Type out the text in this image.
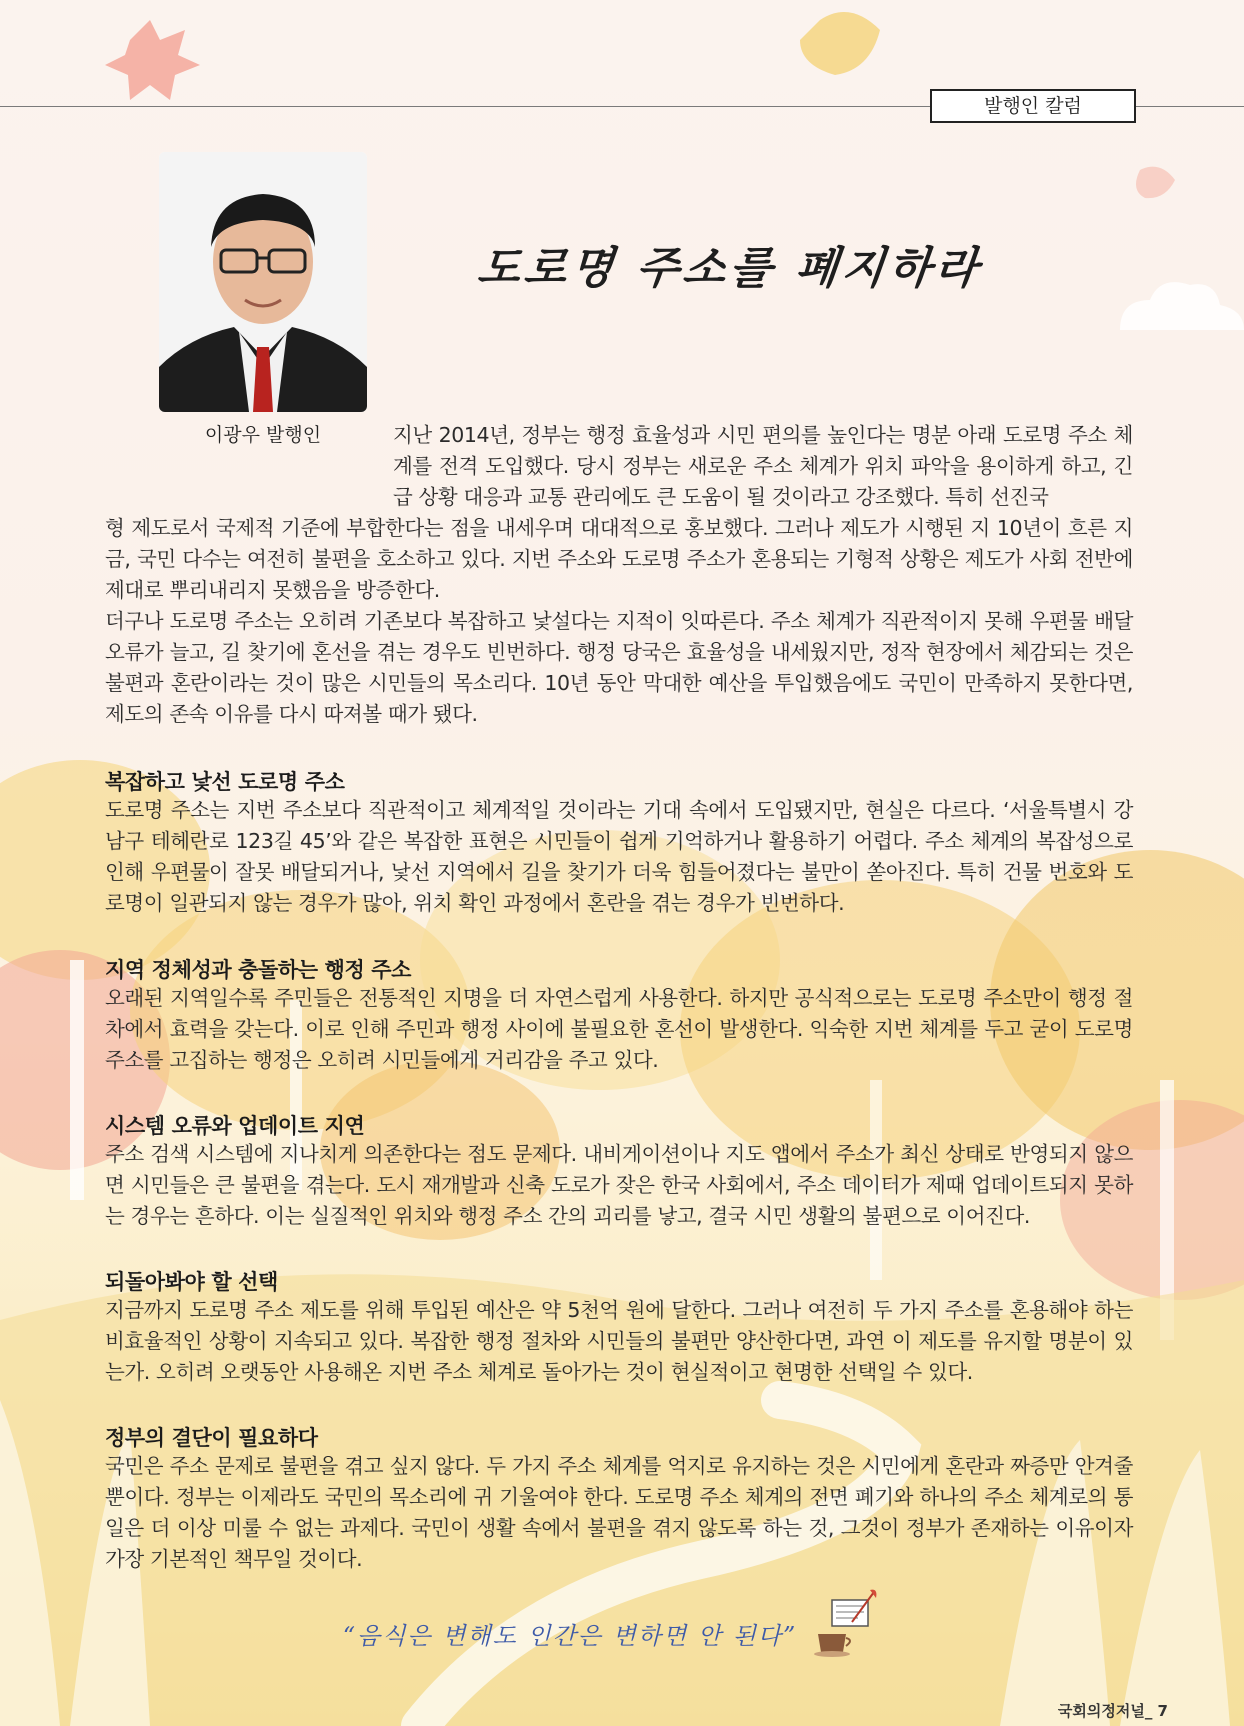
발행인 칼럼
이광우 발행인
도로명 주소를 폐지하라

지난 2014년, 정부는 행정 효율성과 시민 편의를 높인다는 명분 아래 도로명 주소 체계를 전격 도입했다. 당시 정부는 새로운 주소 체계가 위치 파악을 용이하게 하고, 긴급 상황 대응과 교통 관리에도 큰 도움이 될 것이라고 강조했다. 특히 선진국

형 제도로서 국제적 기준에 부합한다는 점을 내세우며 대대적으로 홍보했다. 그러나 제도가 시행된 지 10년이 흐른 지금, 국민 다수는 여전히 불편을 호소하고 있다. 지번 주소와 도로명 주소가 혼용되는 기형적 상황은 제도가 사회 전반에 제대로 뿌리내리지 못했음을 방증한다.

더구나 도로명 주소는 오히려 기존보다 복잡하고 낯설다는 지적이 잇따른다. 주소 체계가 직관적이지 못해 우편물 배달 오류가 늘고, 길 찾기에 혼선을 겪는 경우도 빈번하다. 행정 당국은 효율성을 내세웠지만, 정작 현장에서 체감되는 것은 불편과 혼란이라는 것이 많은 시민들의 목소리다. 10년 동안 막대한 예산을 투입했음에도 국민이 만족하지 못한다면, 제도의 존속 이유를 다시 따져볼 때가 됐다.

복잡하고 낯선 도로명 주소

도로명 주소는 지번 주소보다 직관적이고 체계적일 것이라는 기대 속에서 도입됐지만, 현실은 다르다. ‘서울특별시 강남구 테헤란로 123길 45’와 같은 복잡한 표현은 시민들이 쉽게 기억하거나 활용하기 어렵다. 주소 체계의 복잡성으로 인해 우편물이 잘못 배달되거나, 낯선 지역에서 길을 찾기가 더욱 힘들어졌다는 불만이 쏟아진다. 특히 건물 번호와 도로명이 일관되지 않는 경우가 많아, 위치 확인 과정에서 혼란을 겪는 경우가 빈번하다.

지역 정체성과 충돌하는 행정 주소

오래된 지역일수록 주민들은 전통적인 지명을 더 자연스럽게 사용한다. 하지만 공식적으로는 도로명 주소만이 행정 절차에서 효력을 갖는다. 이로 인해 주민과 행정 사이에 불필요한 혼선이 발생한다. 익숙한 지번 체계를 두고 굳이 도로명 주소를 고집하는 행정은 오히려 시민들에게 거리감을 주고 있다.

시스템 오류와 업데이트 지연

주소 검색 시스템에 지나치게 의존한다는 점도 문제다. 내비게이션이나 지도 앱에서 주소가 최신 상태로 반영되지 않으면 시민들은 큰 불편을 겪는다. 도시 재개발과 신축 도로가 잦은 한국 사회에서, 주소 데이터가 제때 업데이트되지 못하는 경우는 흔하다. 이는 실질적인 위치와 행정 주소 간의 괴리를 낳고, 결국 시민 생활의 불편으로 이어진다.

되돌아봐야 할 선택

지금까지 도로명 주소 제도를 위해 투입된 예산은 약 5천억 원에 달한다. 그러나 여전히 두 가지 주소를 혼용해야 하는 비효율적인 상황이 지속되고 있다. 복잡한 행정 절차와 시민들의 불편만 양산한다면, 과연 이 제도를 유지할 명분이 있는가. 오히려 오랫동안 사용해온 지번 주소 체계로 돌아가는 것이 현실적이고 현명한 선택일 수 있다.

정부의 결단이 필요하다

국민은 주소 문제로 불편을 겪고 싶지 않다. 두 가지 주소 체계를 억지로 유지하는 것은 시민에게 혼란과 짜증만 안겨줄 뿐이다. 정부는 이제라도 국민의 목소리에 귀 기울여야 한다. 도로명 주소 체계의 전면 폐기와 하나의 주소 체계로의 통일은 더 이상 미룰 수 없는 과제다. 국민이 생활 속에서 불편을 겪지 않도록 하는 것, 그것이 정부가 존재하는 이유이자 가장 기본적인 책무일 것이다.

“음식은 변해도 인간은 변하면 안 된다”
국회의정저널_ 7
